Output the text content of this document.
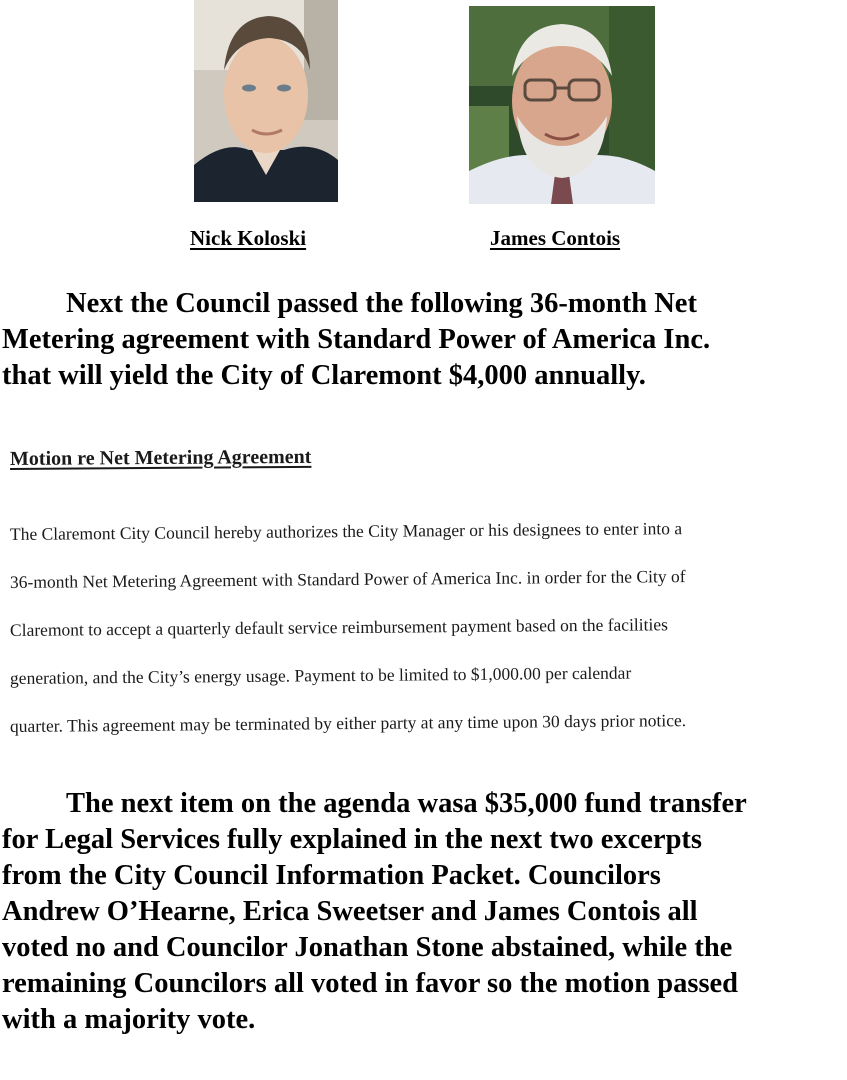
Nick Koloski	James Contois

Next the Council passed the following 36-month Net
Metering agreement with Standard Power of America Inc.
that will yield the City of Claremont $4,000 annually.

Motion re Net Metering Agreement
The Claremont City Council hereby authorizes the City Manager or his designees to enter into a
36-month Net Metering Agreement with Standard Power of America Inc. in order for the City of
Claremont to accept a quarterly default service reimbursement payment based on the facilities
generation, and the City’s energy usage. Payment to be limited to $1,000.00 per calendar
quarter. This agreement may be terminated by either party at any time upon 30 days prior notice.

The next item on the agenda wasa $35,000 fund transfer
for Legal Services fully explained in the next two excerpts
from the City Council Information Packet. Councilors
Andrew O’Hearne, Erica Sweetser and James Contois all
voted no and Councilor Jonathan Stone abstained, while the
remaining Councilors all voted in favor so the motion passed
with a majority vote.
